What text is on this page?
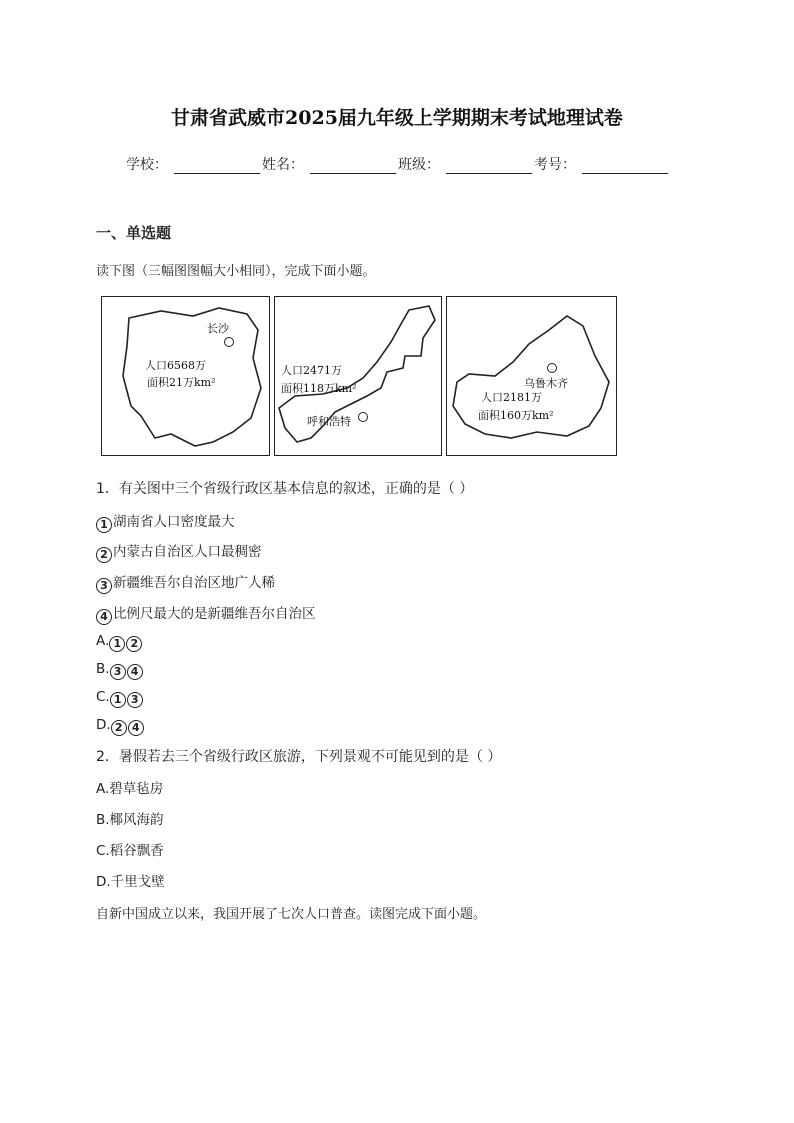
甘肃省武威市2025届九年级上学期期末考试地理试卷
学校：	姓名：	班级：	考号：
一、单选题
读下图（三幅图图幅大小相同），完成下面小题。
长沙
人口6568万
面积21万km²
呼和浩特
人口2471万
面积118万km²	乌鲁木齐
人口2181万
面积160万km²
1．有关图中三个省级行政区基本信息的叙述，正确的是（ ）
1 湖南省人口密度最大
2 内蒙古自治区人口最稠密
3 新疆维吾尔自治区地广人稀
4 比例尺最大的是新疆维吾尔自治区
A. 1 2
B. 3 4
C. 1 3
D. 2 4
2．暑假若去三个省级行政区旅游，下列景观不可能见到的是（ ）
A.碧草毡房
B.椰风海韵
C.稻谷飘香
D.千里戈壁
自新中国成立以来，我国开展了七次人口普查。读图完成下面小题。
